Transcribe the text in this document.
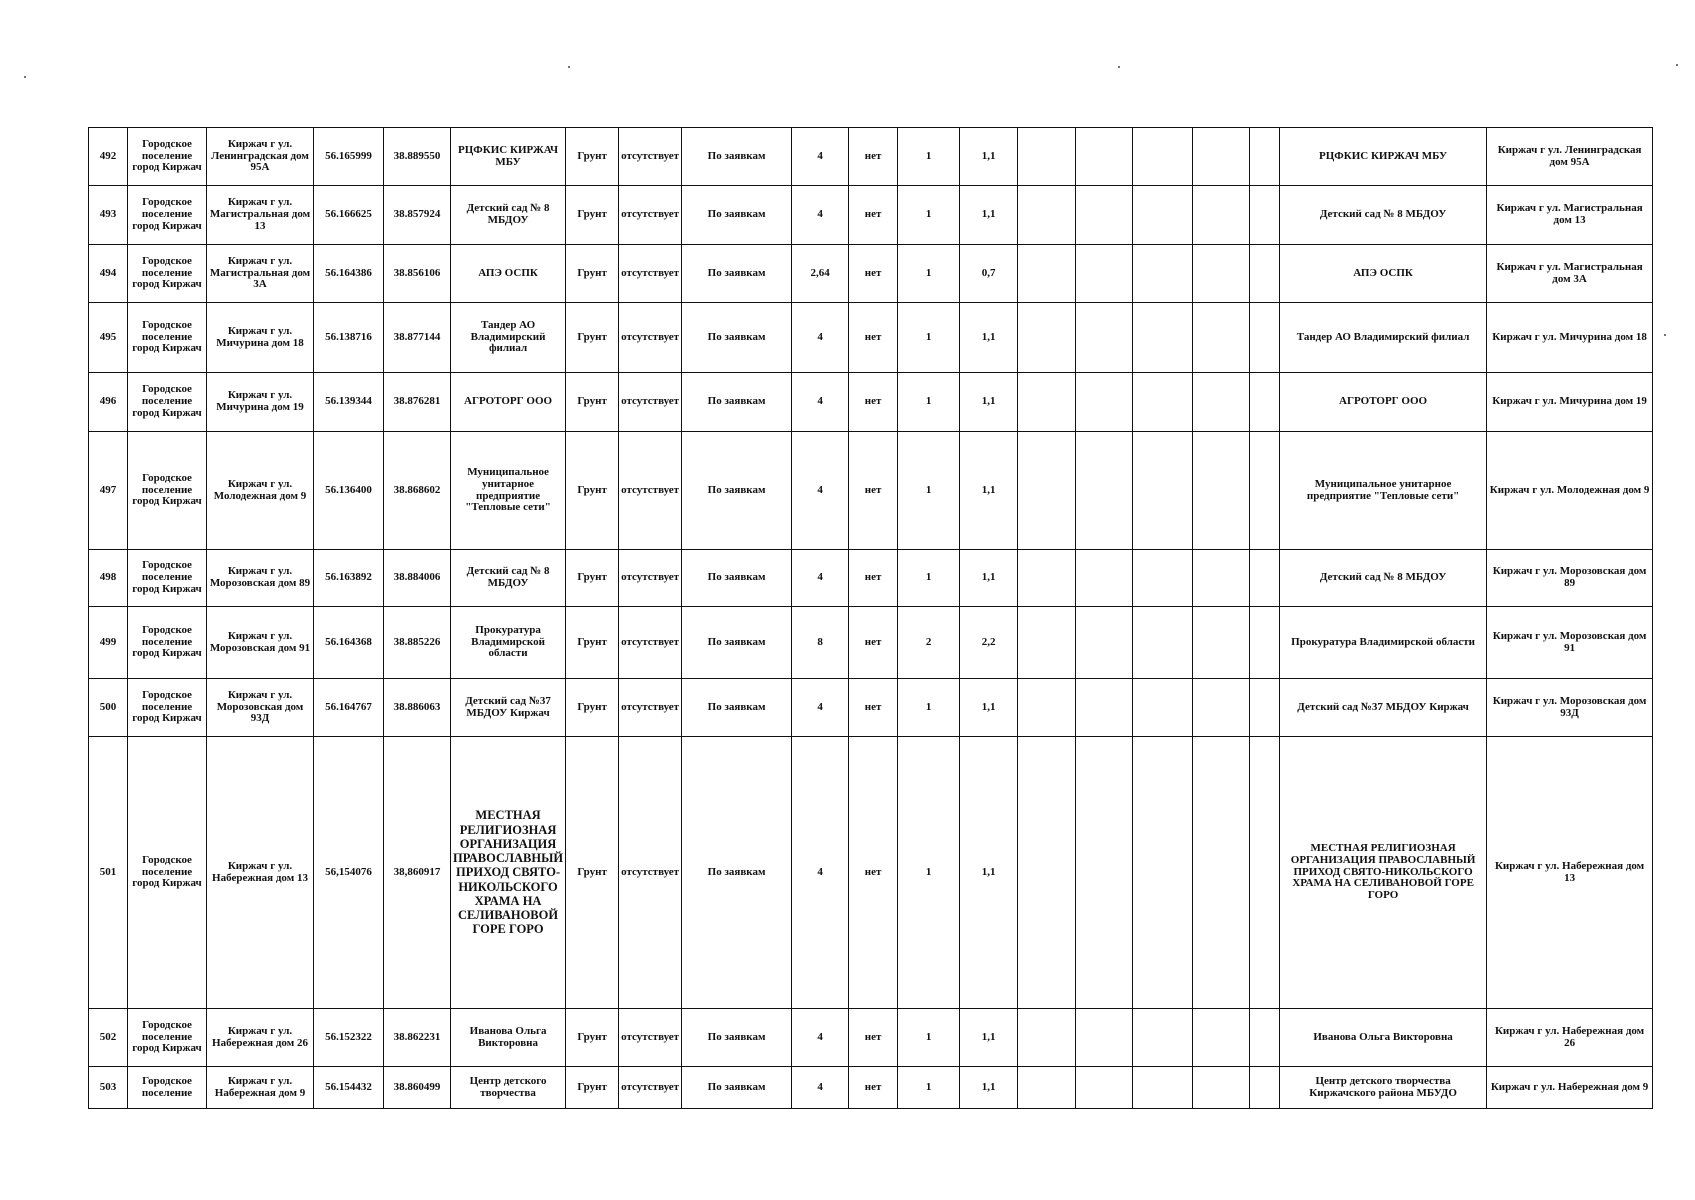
492	Городское поселение город Киржач	Киржач г ул. Ленинградская дом 95А	56.165999	38.889550	РЦФКИС КИРЖАЧ МБУ	Грунт	отсутствует	По заявкам	4	нет	1	1,1						РЦФКИС КИРЖАЧ МБУ	Киржач г ул. Ленинградская дом 95А
493	Городское поселение город Киржач	Киржач г ул. Магистральная дом 13	56.166625	38.857924	Детский сад № 8 МБДОУ	Грунт	отсутствует	По заявкам	4	нет	1	1,1						Детский сад № 8 МБДОУ	Киржач г ул. Магистральная дом 13
494	Городское поселение город Киржач	Киржач г ул. Магистральная дом 3А	56.164386	38.856106	АПЭ ОСПК	Грунт	отсутствует	По заявкам	2,64	нет	1	0,7						АПЭ ОСПК	Киржач г ул. Магистральная дом 3А
495	Городское поселение город Киржач	Киржач г ул. Мичурина дом 18	56.138716	38.877144	Тандер АО Владимирский филиал	Грунт	отсутствует	По заявкам	4	нет	1	1,1						Тандер АО Владимирский филиал	Киржач г ул. Мичурина дом 18
496	Городское поселение город Киржач	Киржач г ул. Мичурина дом 19	56.139344	38.876281	АГРОТОРГ ООО	Грунт	отсутствует	По заявкам	4	нет	1	1,1						АГРОТОРГ ООО	Киржач г ул. Мичурина дом 19
497	Городское поселение город Киржач	Киржач г ул. Молодежная дом 9	56.136400	38.868602	Муниципальное унитарное предприятие "Тепловые сети"	Грунт	отсутствует	По заявкам	4	нет	1	1,1						Муниципальное унитарное предприятие "Тепловые сети"	Киржач г ул. Молодежная дом 9
498	Городское поселение город Киржач	Киржач г ул. Морозовская дом 89	56.163892	38.884006	Детский сад № 8 МБДОУ	Грунт	отсутствует	По заявкам	4	нет	1	1,1						Детский сад № 8 МБДОУ	Киржач г ул. Морозовская дом 89
499	Городское поселение город Киржач	Киржач г ул. Морозовская дом 91	56.164368	38.885226	Прокуратура Владимирской области	Грунт	отсутствует	По заявкам	8	нет	2	2,2						Прокуратура Владимирской области	Киржач г ул. Морозовская дом 91
500	Городское поселение город Киржач	Киржач г ул. Морозовская дом 93Д	56.164767	38.886063	Детский сад №37 МБДОУ Киржач	Грунт	отсутствует	По заявкам	4	нет	1	1,1						Детский сад №37 МБДОУ Киржач	Киржач г ул. Морозовская дом 93Д
501	Городское поселение город Киржач	Киржач г ул. Набережная дом 13	56,154076	38,860917	МЕСТНАЯ РЕЛИГИОЗНАЯ ОРГАНИЗАЦИЯ ПРАВОСЛАВНЫЙ ПРИХОД СВЯТО-НИКОЛЬСКОГО ХРАМА НА СЕЛИВАНОВОЙ ГОРЕ ГОРО	Грунт	отсутствует	По заявкам	4	нет	1	1,1						МЕСТНАЯ РЕЛИГИОЗНАЯ ОРГАНИЗАЦИЯ ПРАВОСЛАВНЫЙ ПРИХОД СВЯТО-НИКОЛЬСКОГО ХРАМА НА СЕЛИВАНОВОЙ ГОРЕ ГОРО	Киржач г ул. Набережная дом 13
502	Городское поселение город Киржач	Киржач г ул. Набережная дом 26	56.152322	38.862231	Иванова Ольга Викторовна	Грунт	отсутствует	По заявкам	4	нет	1	1,1						Иванова Ольга Викторовна	Киржач г ул. Набережная дом 26
503	Городское поселение	Киржач г ул. Набережная дом 9	56.154432	38.860499	Центр детского творчества	Грунт	отсутствует	По заявкам	4	нет	1	1,1						Центр детского творчества Киржачского района МБУДО	Киржач г ул. Набережная дом 9
